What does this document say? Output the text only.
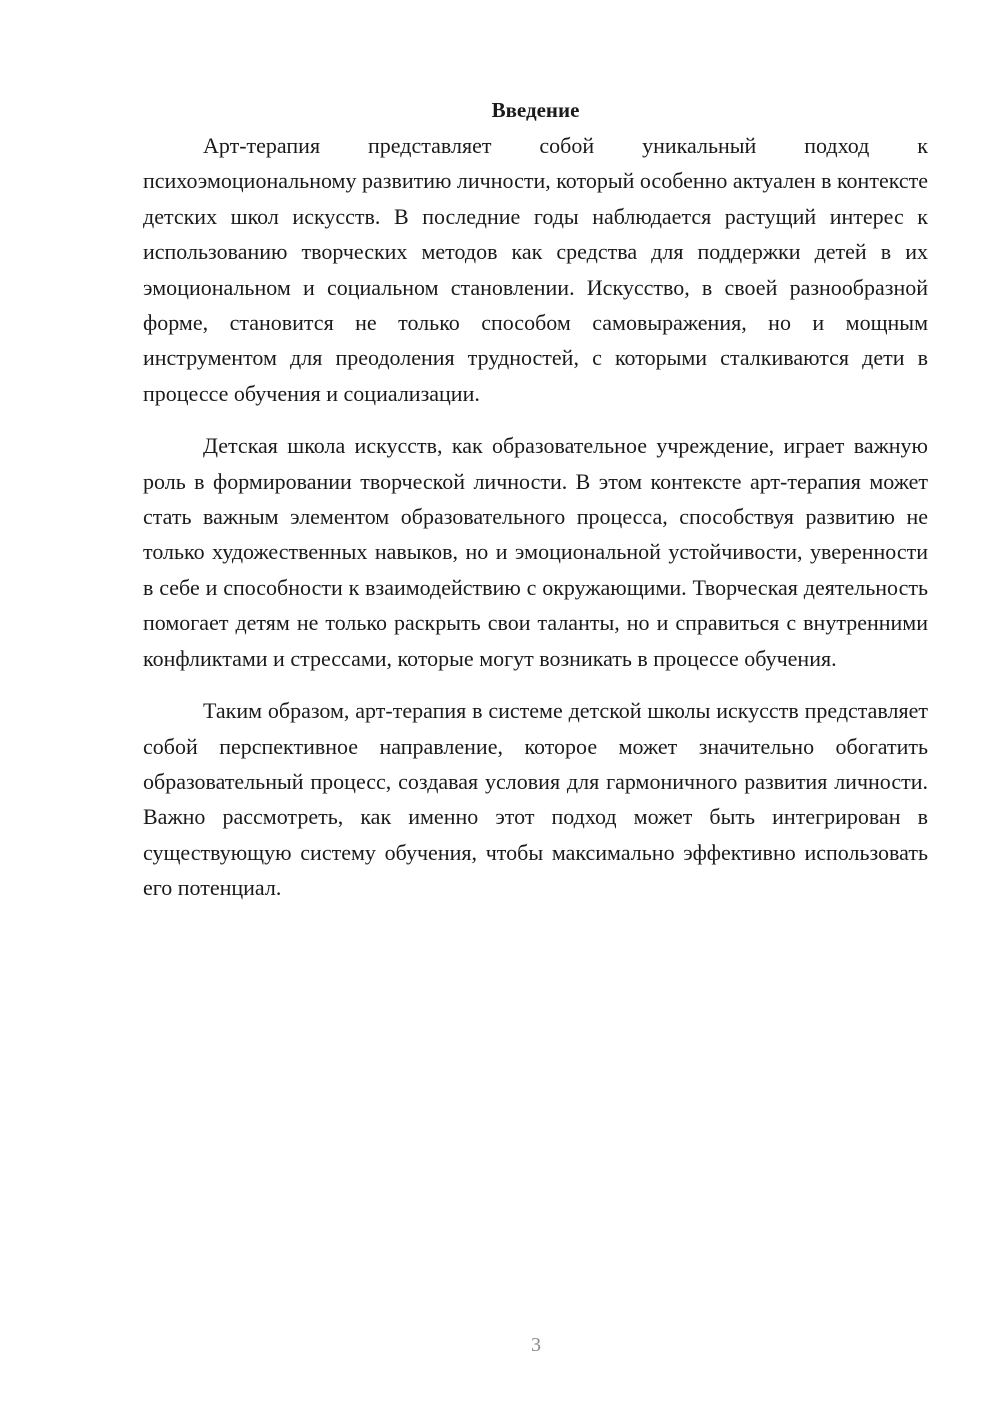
Введение

Арт-терапия представляет собой уникальный подход к психоэмоциональному развитию личности, который особенно актуален в контексте детских школ искусств. В последние годы наблюдается растущий интерес к использованию творческих методов как средства для поддержки детей в их эмоциональном и социальном становлении. Искусство, в своей разнообразной форме, становится не только способом самовыражения, но и мощным инструментом для преодоления трудностей, с которыми сталкиваются дети в процессе обучения и социализации.

Детская школа искусств, как образовательное учреждение, играет важную роль в формировании творческой личности. В этом контексте арт-терапия может стать важным элементом образовательного процесса, способствуя развитию не только художественных навыков, но и эмоциональной устойчивости, уверенности в себе и способности к взаимодействию с окружающими. Творческая деятельность помогает детям не только раскрыть свои таланты, но и справиться с внутренними конфликтами и стрессами, которые могут возникать в процессе обучения.

Таким образом, арт-терапия в системе детской школы искусств представляет собой перспективное направление, которое может значительно обогатить образовательный процесс, создавая условия для гармоничного развития личности. Важно рассмотреть, как именно этот подход может быть интегрирован в существующую систему обучения, чтобы максимально эффективно использовать его потенциал.

3
